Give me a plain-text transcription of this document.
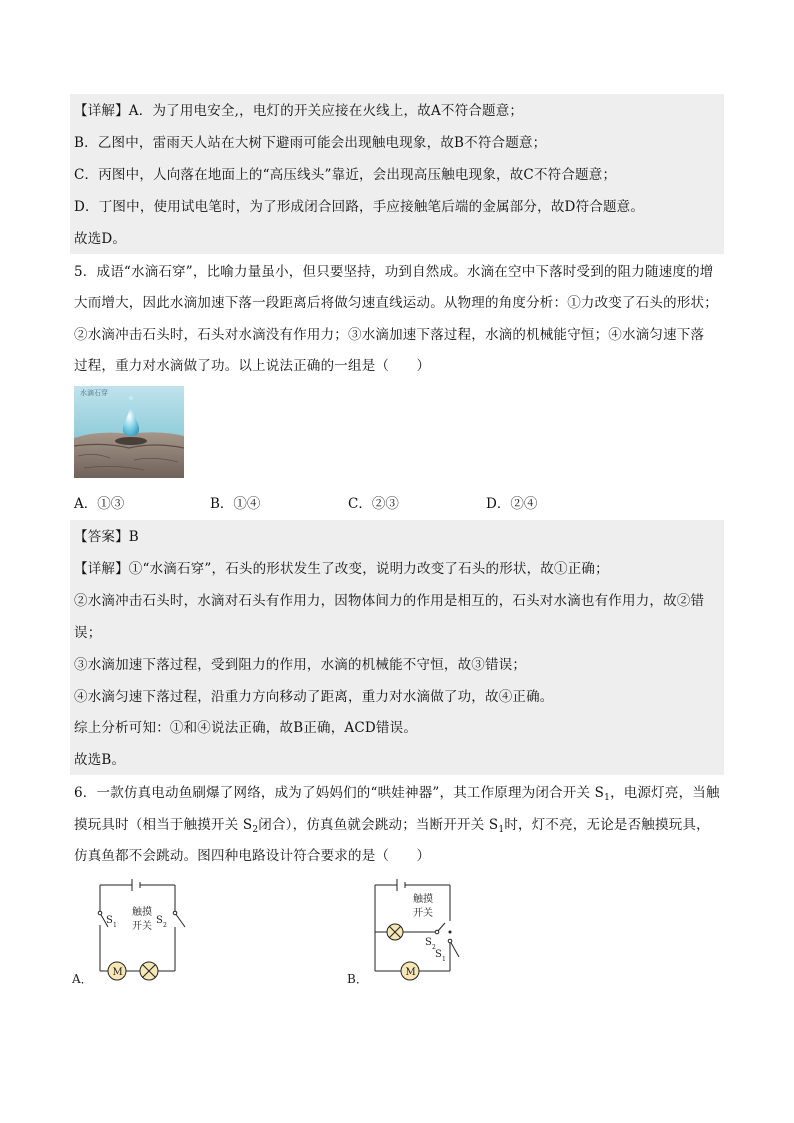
【详解】A．为了用电安全,，电灯的开关应接在火线上，故A不符合题意；
B．乙图中，雷雨天人站在大树下避雨可能会出现触电现象，故B不符合题意；
C．丙图中，人向落在地面上的“高压线头”靠近，会出现高压触电现象，故C不符合题意；
D．丁图中，使用试电笔时，为了形成闭合回路，手应接触笔后端的金属部分，故D符合题意。
故选D。
5．成语“水滴石穿”，比喻力量虽小，但只要坚持，功到自然成。水滴在空中下落时受到的阻力随速度的增
大而增大，因此水滴加速下落一段距离后将做匀速直线运动。从物理的角度分析：①力改变了石头的形状；
②水滴冲击石头时，石头对水滴没有作用力；③水滴加速下落过程，水滴的机械能守恒；④水滴匀速下落
过程，重力对水滴做了功。以上说法正确的一组是（　　）
水滴石穿
A．①③	B．①④	C．②③	D．②④
【答案】B
【详解】①“水滴石穿”，石头的形状发生了改变，说明力改变了石头的形状，故①正确；
②水滴冲击石头时，水滴对石头有作用力，因物体间力的作用是相互的，石头对水滴也有作用力，故②错
误；
③水滴加速下落过程，受到阻力的作用，水滴的机械能不守恒，故③错误；
④水滴匀速下落过程，沿重力方向移动了距离，重力对水滴做了功，故④正确。
综上分析可知：①和④说法正确，故B正确，ACD错误。
故选B。
6．一款仿真电动鱼刷爆了网络，成为了妈妈们的“哄娃神器”，其工作原理为闭合开关 $S_1$，电源灯亮，当触
摸玩具时（相当于触摸开关 $S_2$闭合），仿真鱼就会跳动；当断开开关 $S_1$时，灯不亮，无论是否触摸玩具，
仿真鱼都不会跳动。图四种电路设计符合要求的是（　　）
M
S 1
触摸
开关
S 2
A．	M
触摸
开关
S 2
S 1
B．
